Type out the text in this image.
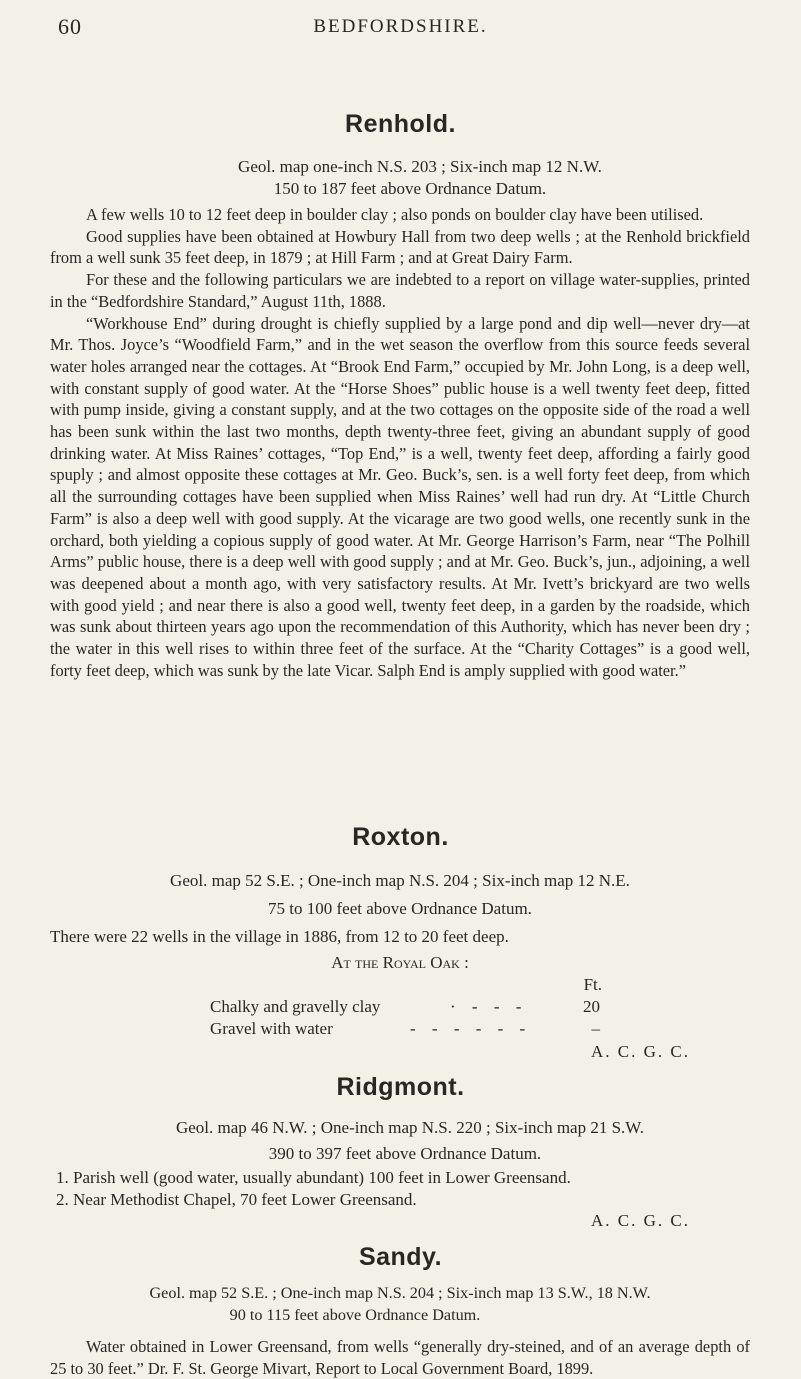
60	BEDFORDSHIRE.
Renhold.

Geol. map one-inch N.S. 203 ; Six-inch map 12 N.W.

150 to 187 feet above Ordnance Datum.

A few wells 10 to 12 feet deep in boulder clay ; also ponds on boulder clay have been utilised.

Good supplies have been obtained at Howbury Hall from two deep wells ; at the Renhold brickfield from a well sunk 35 feet deep, in 1879 ; at Hill Farm ; and at Great Dairy Farm.

For these and the following particulars we are indebted to a report on village water-supplies, printed in the “Bedfordshire Standard,” August 11th, 1888.

“Workhouse End” during drought is chiefly supplied by a large pond and dip well—never dry—at Mr. Thos. Joyce’s “Woodfield Farm,” and in the wet season the overflow from this source feeds several water holes arranged near the cottages. At “Brook End Farm,” occupied by Mr. John Long, is a deep well, with constant supply of good water. At the “Horse Shoes” public house is a well twenty feet deep, fitted with pump inside, giving a constant supply, and at the two cottages on the opposite side of the road a well has been sunk within the last two months, depth twenty-three feet, giving an abundant supply of good drinking water. At Miss Raines’ cottages, “Top End,” is a well, twenty feet deep, affording a fairly good spuply ; and almost opposite these cottages at Mr. Geo. Buck’s, sen. is a well forty feet deep, from which all the surrounding cottages have been supplied when Miss Raines’ well had run dry. At “Little Church Farm” is also a deep well with good supply. At the vicarage are two good wells, one recently sunk in the orchard, both yielding a copious supply of good water. At Mr. George Harrison’s Farm, near “The Polhill Arms” public house, there is a deep well with good supply ; and at Mr. Geo. Buck’s, jun., adjoining, a well was deepened about a month ago, with very satisfactory results. At Mr. Ivett’s brickyard are two wells with good yield ; and near there is also a good well, twenty feet deep, in a garden by the roadside, which was sunk about thirteen years ago upon the recommendation of this Authority, which has never been dry ; the water in this well rises to within three feet of the surface. At the “Charity Cottages” is a good well, forty feet deep, which was sunk by the late Vicar. Salph End is amply supplied with good water.”

Roxton.

Geol. map 52 S.E. ; One-inch map N.S. 204 ; Six-inch map 12 N.E.

75 to 100 feet above Ordnance Datum.

There were 22 wells in the village in 1886, from 12 to 20 feet deep.

At the Royal Oak :

Ft.
Chalky and gravelly clay	· - - -	20
Gravel with water	- - - - - -	–

A. C. G. C.

Ridgmont.

Geol. map 46 N.W. ; One-inch map N.S. 220 ; Six-inch map 21 S.W.

390 to 397 feet above Ordnance Datum.

1. Parish well (good water, usually abundant) 100 feet in Lower Greensand.

2. Near Methodist Chapel, 70 feet Lower Greensand.

A. C. G. C.

Sandy.

Geol. map 52 S.E. ; One-inch map N.S. 204 ; Six-inch map 13 S.W., 18 N.W.

90 to 115 feet above Ordnance Datum.

Water obtained in Lower Greensand, from wells “generally dry-steined, and of an average depth of 25 to 30 feet.” Dr. F. St. George Mivart, Report to Local Government Board, 1899.
